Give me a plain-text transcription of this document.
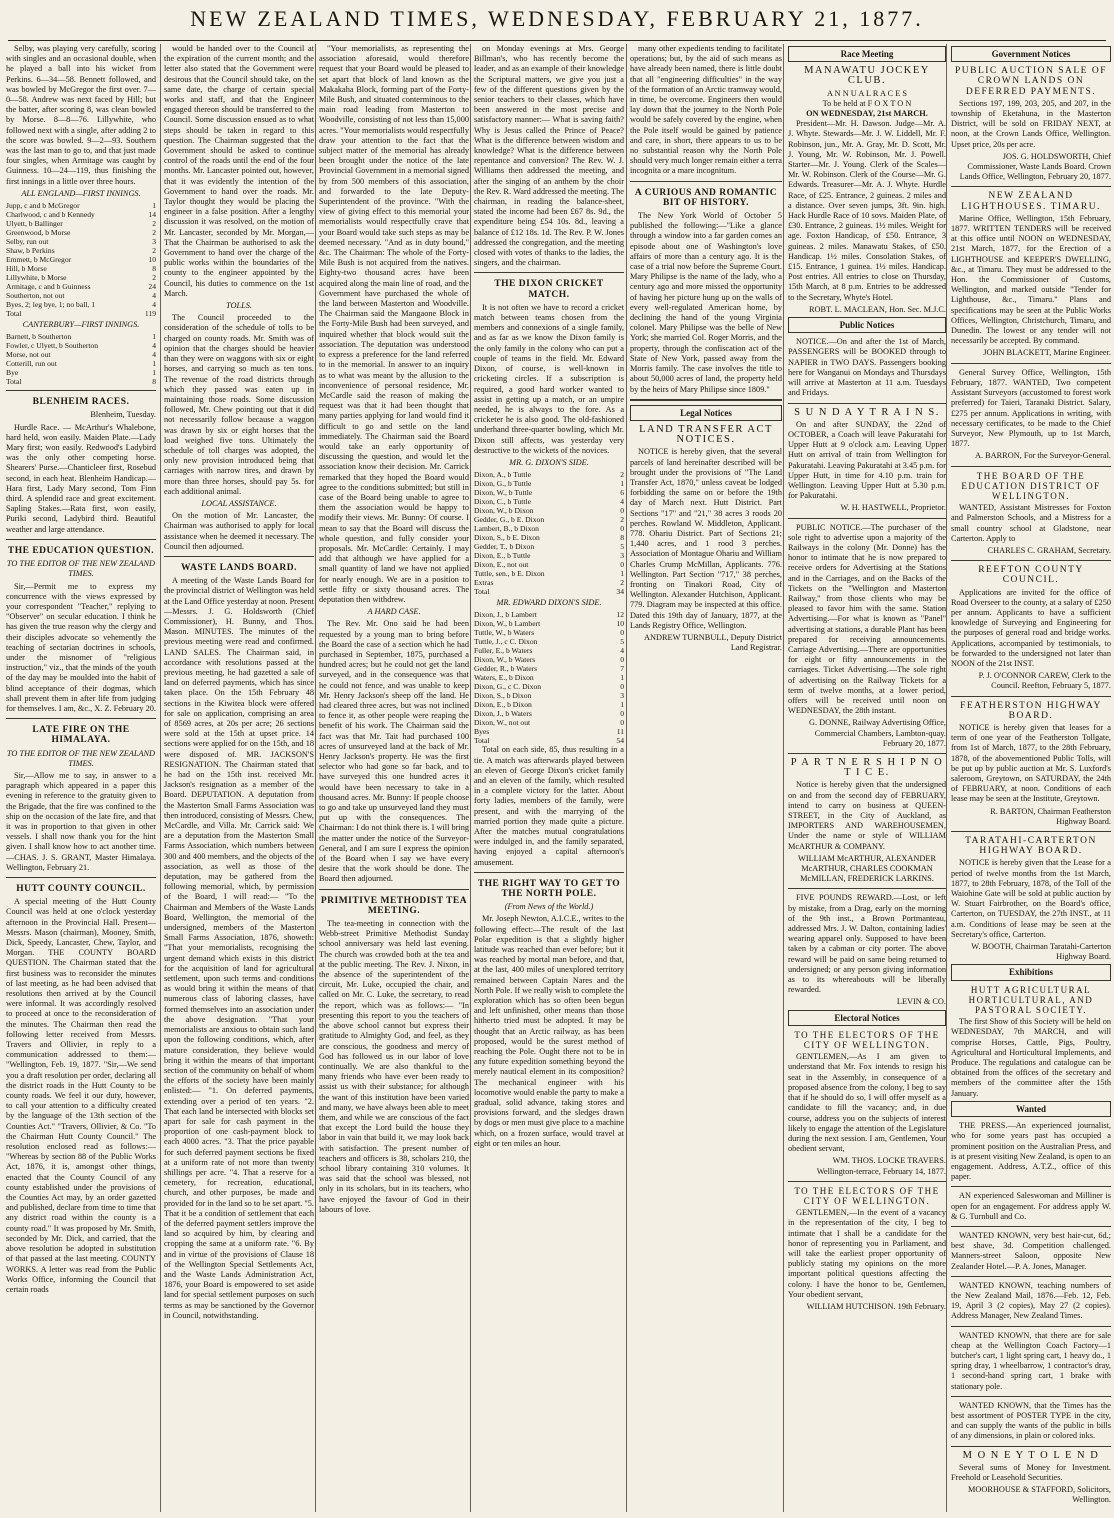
NEW ZEALAND TIMES, WEDNESDAY, FEBRUARY 21, 1877.

Selby, was playing very carefully, scoring with singles and an occasional double, when he played a ball into his wicket from Perkins. 6—34—58. Bennett followed, and was bowled by McGregor the first over. 7—0—58. Andrew was next faced by Hill; but the batter, after scoring 8, was clean bowled by Morse. 8—8—76. Lillywhite, who followed next with a single, after adding 2 to the score was bowled. 9—2—93. Southern was the last man to go to, and that just made four singles, when Armitage was caught by Guinness. 10—24—119, thus finishing the first innings in a little over three hours.

ALL ENGLAND—FIRST INNINGS.
Jupp, c and b McGregor	1
Charlwood, c and b Kennedy	14
Ulyett, b Ballinger	2
Greenwood, b Morse	2
Selby, run out	3
Shaw, b Perkins	2
Emmett, b McGregor	10
Hill, b Morse	8
Lillywhite, b Morse	2
Armitage, c and b Guinness	24
Southerton, not out	4
Byes, 2; leg bye, 1; no ball, 1	4
Total	119
CANTERBURY—FIRST INNINGS.
Barnett, b Southerton	1
Fowler, c Ulyett, b Southerton	4
Morse, not out	4
Cotterill, run out	1
Bye	1
Total	8
BLENHEIM RACES.

Blenheim, Tuesday.

Hurdle Race. — McArthur's Whalebone, hard held, won easily. Maiden Plate.—Lady Mary first; won easily. Redwood's Ladybird was the only other competing horse. Shearers' Purse.—Chanticleer first, Rosebud second, in each heat. Blenheim Handicap.—Hara first, Lady Mary second, Tom Finn third. A splendid race and great excitement. Sapling Stakes.—Rata first, won easily, Puriki second, Ladybird third. Beautiful weather and large attendance.

THE EDUCATION QUESTION.
TO THE EDITOR OF THE NEW ZEALAND TIMES.

Sir,—Permit me to express my concurrence with the views expressed by your correspondent "Teacher," replying to "Observer" on secular education. I think he has given the true reason why the clergy and their disciples advocate so vehemently the teaching of sectarian doctrines in schools, under the misnomer of "religious instruction," viz., that the minds of the youth of the day may be moulded into the habit of blind acceptance of their dogmas, which shall prevent them in after life from judging for themselves. I am, &c., X. Z. February 20.

LATE FIRE ON THE HIMALAYA.
TO THE EDITOR OF THE NEW ZEALAND TIMES.

Sir,—Allow me to say, in answer to a paragraph which appeared in a paper this evening in reference to the gratuity given to the Brigade, that the fire was confined to the ship on the occasion of the late fire, and that it was in proportion to that given in other vessels. I shall now thank you for the hint given. I shall know how to act another time.—CHAS. J. S. GRANT, Master Himalaya. Wellington, February 21.

HUTT COUNTY COUNCIL.

A special meeting of the Hutt County Council was held at one o'clock yesterday afternoon in the Provincial Hall. Present—Messrs. Mason (chairman), Mooney, Smith, Dick, Speedy, Lancaster, Chew, Taylor, and Morgan. THE COUNTY BOARD QUESTION. The Chairman stated that the first business was to reconsider the minutes of last meeting, as he had been advised that resolutions then arrived at by the Council were informal. It was accordingly resolved to proceed at once to the reconsideration of the minutes. The Chairman then read the following letter received from Messrs. Travers and Ollivier, in reply to a communication addressed to them:— "Wellington, Feb. 19, 1877. "Sir,—We send you a draft resolution per order, declaring all the district roads in the Hutt County to be county roads. We feel it our duty, however, to call your attention to a difficulty created by the language of the 13th section of the Counties Act." "Travers, Ollivier, & Co. "To the Chairman Hutt County Council." The resolution enclosed read as follows:— "Whereas by section 88 of the Public Works Act, 1876, it is, amongst other things, enacted that the County Council of any county established under the provisions of the Counties Act may, by an order gazetted and published, declare from time to time that any district road within the county is a county road." It was proposed by Mr. Smith, seconded by Mr. Dick, and carried, that the above resolution be adopted in substitution of that passed at the last meeting. COUNTY WORKS. A letter was read from the Public Works Office, informing the Council that certain roads

would be handed over to the Council at the expiration of the current month; and the letter also stated that the Government were desirous that the Council should take, on the same date, the charge of certain special works and staff, and that the Engineer engaged thereon should be transferred to the Council. Some discussion ensued as to what steps should be taken in regard to this question. The Chairman suggested that the Government should be asked to continue control of the roads until the end of the four months. Mr. Lancaster pointed out, however, that it was evidently the intention of the Government to hand over the roads. Mr. Taylor thought they would be placing the engineer in a false position. After a lengthy discussion it was resolved, on the motion of Mr. Lancaster, seconded by Mr. Morgan,—That the Chairman be authorised to ask the Government to hand over the charge of the public works within the boundaries of the county to the engineer appointed by the Council, his duties to commence on the 1st March.

TOLLS.

The Council proceeded to the consideration of the schedule of tolls to be charged on county roads. Mr. Smith was of opinion that the charges should be heavier than they were on waggons with six or eight horses, and carrying so much as ten tons. The revenue of the road districts through which they passed was eaten up in maintaining those roads. Some discussion followed, Mr. Chew pointing out that it did not necessarily follow because a waggon was drawn by six or eight horses that the load weighed five tons. Ultimately the schedule of toll charges was adopted, the only new provision introduced being that carriages with narrow tires, and drawn by more than three horses, should pay 5s. for each additional animal.

LOCAL ASSISTANCE.

On the motion of Mr. Lancaster, the Chairman was authorised to apply for local assistance when he deemed it necessary. The Council then adjourned.

WASTE LANDS BOARD.

A meeting of the Waste Lands Board for the provincial district of Wellington was held at the Land Office yesterday at noon. Present—Messrs. J. G. Holdsworth (Chief Commissioner), H. Bunny, and Thos. Mason. MINUTES. The minutes of the previous meeting were read and confirmed. LAND SALES. The Chairman said, in accordance with resolutions passed at the previous meeting, he had gazetted a sale of land on deferred payments, which has since taken place. On the 15th February 48 sections in the Kiwitea block were offered for sale on application, comprising an area of 8569 acres, at 20s per acre; 26 sections were sold at the 15th at upset price. 14 sections were applied for on the 15th, and 18 were disposed of. MR. JACKSON'S RESIGNATION. The Chairman stated that he had on the 15th inst. received Mr. Jackson's resignation as a member of the Board. DEPUTATION. A deputation from the Masterton Small Farms Association was then introduced, consisting of Messrs. Chew, McCardle, and Villa. Mr. Carrick said: We are a deputation from the Masterton Small Farms Association, which numbers between 300 and 400 members, and the objects of the association, as well as those of the deputation, may be gathered from the following memorial, which, by permission of the Board, I will read:— "To the Chairman and Members of the Waste Lands Board, Wellington, the memorial of the undersigned, members of the Masterton Small Farms Association, 1876, showeth: "That your memorialists, recognising the urgent demand which exists in this district for the acquisition of land for agricultural settlement, upon such terms and conditions as would bring it within the means of that numerous class of laboring classes, have formed themselves into an association under the above designation. "That your memorialists are anxious to obtain such land upon the following conditions, which, after mature consideration, they believe would bring it within the means of that important section of the community on behalf of whom the efforts of the society have been mainly enlisted:— "1. On deferred payments, extending over a period of ten years. "2. That each land be intersected with blocks set apart for sale for cash payment in the proportion of one cash-payment block to each 4000 acres. "3. That the price payable for such deferred payment sections be fixed at a uniform rate of not more than twenty shillings per acre. "4. That a reserve for a cemetery, for recreation, educational, church, and other purposes, be made and provided for in the land so to be set apart. "5. That it be a condition of settlement that each of the deferred payment settlers improve the land so acquired by him, by clearing and cropping the same at a uniform rate. "6. By and in virtue of the provisions of Clause 18 of the Wellington Special Settlements Act, and the Waste Lands Administration Act, 1876, your Board is empowered to set aside land for special settlement purposes on such terms as may be sanctioned by the Governor in Council, notwithstanding.

"Your memorialists, as representing the association aforesaid, would therefore request that your Board would be pleased to set apart that block of land known as the Makakaha Block, forming part of the Forty-Mile Bush, and situated conterminous to the main road leading from Masterton to Woodville, consisting of not less than 15,000 acres. "Your memorialists would respectfully draw your attention to the fact that the subject matter of the memorial has already been brought under the notice of the late Provincial Government in a memorial signed by from 500 members of this association, and forwarded to the late Deputy-Superintendent of the province. "With the view of giving effect to this memorial your memorialists would respectfully crave that your Board would take such steps as may be deemed necessary. "And as in duty bound," &c. The Chairman: The whole of the Forty-Mile Bush is not acquired from the natives. Eighty-two thousand acres have been acquired along the main line of road, and the Government have purchased the whole of the land between Masterton and Woodville. The Chairman said the Mangaone Block in the Forty-Mile Bush had been surveyed, and inquired whether that block would suit the association. The deputation was understood to express a preference for the land referred to in the memorial. In answer to an inquiry as to what was meant by the allusion to the inconvenience of personal residence, Mr. McCardle said the reason of making the request was that it had been thought that many parties applying for land would find it difficult to go and settle on the land immediately. The Chairman said the Board would take an early opportunity of discussing the question, and would let the association know their decision. Mr. Carrick remarked that they hoped the Board would agree to the conditions submitted; but still in case of the Board being unable to agree to them the association would be happy to modify their views. Mr. Bunny: Of course. I mean to say that the Board will discuss the whole question, and fully consider your proposals. Mr. McCardle: Certainly. I may add that although we have applied for a small quantity of land we have not applied for nearly enough. We are in a position to settle fifty or sixty thousand acres. The deputation then withdrew.

A HARD CASE.

The Rev. Mr. Ono said he had been requested by a young man to bring before the Board the case of a section which he had purchased in September, 1875, purchased a hundred acres; but he could not get the land surveyed, and in the consequence was that he could not fence, and was unable to keep Mr. Henry Jackson's sheep off the land. He had cleared three acres, but was not inclined to fence it, as other people were reaping the benefit of his work. The Chairman said the fact was that Mr. Tait had purchased 100 acres of unsurveyed land at the back of Mr. Henry Jackson's property. He was the first selector who had gone so far back, and to have surveyed this one hundred acres it would have been necessary to take in a thousand acres. Mr. Bunny: If people choose to go and take up unsurveyed land they must put up with the consequences. The Chairman: I do not think there is. I will bring the matter under the notice of the Surveyor-General, and I am sure I express the opinion of the Board when I say we have every desire that the work should be done. The Board then adjourned.

PRIMITIVE METHODIST TEA MEETING.

The tea-meeting in connection with the Webb-street Primitive Methodist Sunday school anniversary was held last evening. The church was crowded both at the tea and at the public meeting. The Rev. J. Nixon, in the absence of the superintendent of the circuit, Mr. Luke, occupied the chair, and called on Mr. C. Luke, the secretary, to read the report, which was as follows:— "In presenting this report to you the teachers of the above school cannot but express their gratitude to Almighty God, and feel, as they are conscious, the goodness and mercy of God has followed us in our labor of love continually. We are also thankful to the many friends who have ever been ready to assist us with their substance; for although the want of this institution have been varied and many, we have always been able to meet them, and while we are conscious of the fact that except the Lord build the house they labor in vain that build it, we may look back with satisfaction. The present number of teachers and officers is 38, scholars 210, the school library containing 310 volumes. It was said that the school was blessed, not only in its scholars, but in its teachers, who have enjoyed the favour of God in their labours of love.

on Monday evenings at Mrs. George Billman's, who has recently become the leader, and as an example of their knowledge the Scriptural matters, we give you just a few of the different questions given by the senior teachers to their classes, which have been answered in the most precise and satisfactory manner:— What is saving faith? Why is Jesus called the Prince of Peace? What is the difference between wisdom and knowledge? What is the difference between repentance and conversion? The Rev. W. J. Williams then addressed the meeting, and after the singing of an anthem by the choir the Rev. R. Ward addressed the meeting. The chairman, in reading the balance-sheet, stated the income had been £67 8s. 9d., the expenditure being £54 10s. 8d., leaving a balance of £12 18s. 1d. The Rev. P. W. Jones addressed the congregation, and the meeting closed with votes of thanks to the ladies, the singers, and the chairman.

THE DIXON CRICKET MATCH.

It is not often we have to record a cricket match between teams chosen from the members and connexions of a single family, and as far as we know the Dixon family is the only family in the colony who can put a couple of teams in the field. Mr. Edward Dixon, of course, is well-known in cricketing circles. If a subscription is required, a good hard worker wanted to assist in getting up a match, or an umpire needed, he is always to the fore. As a cricketer he is also good. The old-fashioned underhand three-quarter bowling, which Mr. Dixon still affects, was yesterday very destructive to the wickets of the novices.

MR. G. DIXON'S SIDE.
Dixon, A., b Tuttle	2
Dixon, G., b Tuttle	1
Dixon, W., b Tuttle	6
Dixon, C., b Tuttle	4
Dixon, W., b Dixon	0
Gedder, G., b E. Dixon	2
Lambert, B., b Dixon	0
Dixon, S., b E. Dixon	8
Gedder, T., b Dixon	5
Dixon, E., b Tuttle	3
Dixon, E., not out	0
Tuttle, sen., b E. Dixon	1
Extras	2
Total	34
MR. EDWARD DIXON'S SIDE.
Dixon, J., b Lambert	12
Dixon, W., b Lambert	10
Tuttle, W., b Waters	0
Tuttle, J., c C. Dixon	5
Fuller, E., b Waters	4
Dixon, W., b Waters	0
Gedder, R., b Waters	7
Waters, E., b Dixon	1
Dixon, G., c C. Dixon	0
Dixon, S., b Dixon	3
Dixon, E., b Dixon	1
Dixon, J., b Waters	0
Dixon, W., not out	0
Byes	11
Total	54

Total on each side, 85, thus resulting in a tie. A match was afterwards played between an eleven of George Dixon's cricket family and an eleven of the family, which resulted in a complete victory for the latter. About forty ladies, members of the family, were present, and with the marrying of the married portion they made quite a picture. After the matches mutual congratulations were indulged in, and the family separated, having enjoyed a capital afternoon's amusement.

THE RIGHT WAY TO GET TO THE NORTH POLE.
(From News of the World.)

Mr. Joseph Newton, A.I.C.E., writes to the following effect:—The result of the last Polar expedition is that a slightly higher latitude was reached than ever before; but it was reached by mortal man before, and that, at the last, 400 miles of unexplored territory remained between Captain Nares and the North Pole. If we really wish to complete the exploration which has so often been begun and left unfinished, other means than those hitherto tried must be adopted. It may be thought that an Arctic railway, as has been proposed, would be the surest method of reaching the Pole. Ought there not to be in any future expedition something beyond the merely nautical element in its composition? The mechanical engineer with his locomotive would enable the party to make a gradual, solid advance, taking stores and provisions forward, and the sledges drawn by dogs or men must give place to a machine which, on a frozen surface, would travel at eight or ten miles an hour.

many other expedients tending to facilitate operations; but, by the aid of such means as have already been named, there is little doubt that all "engineering difficulties" in the way of the formation of an Arctic tramway would, in time, be overcome. Engineers then would lay down that the journey to the North Pole would be safely covered by the engine, when the Pole itself would be gained by patience and care, in short, there appears to us to be no substantial reason why the North Pole should very much longer remain either a terra incognita or a mare incognitum.

A CURIOUS AND ROMANTIC BIT OF HISTORY.

The New York World of October 5 published the following:—"Like a glance through a window into a far garden comes an episode about one of Washington's love affairs of more than a century ago. It is the case of a trial now before the Supreme Court. Mary Philipse is the name of the lady, who a century ago and more missed the opportunity of having her picture hung up on the walls of every well-regulated American home, by declining the hand of the young Virginia colonel. Mary Philipse was the belle of New York; she married Col. Roger Morris, and the property, through the confiscation act of the State of New York, passed away from the Morris family. The case involves the title to about 50,000 acres of land, the property held by the heirs of Mary Philipse since 1809."

Legal Notices
LAND TRANSFER ACT NOTICES.

NOTICE is hereby given, that the several parcels of land hereinafter described will be brought under the provisions of "The Land Transfer Act, 1870," unless caveat be lodged forbidding the same on or before the 19th day of March next. Hutt District. Part Sections "17" and "21," 38 acres 3 roods 20 perches. Rowland W. Middleton, Applicant. 778. Ohariu District. Part of Sections 21; 1,440 acres, and 1 rood 3 perches. Association of Montague Ohariu and William Charles Crump McMillan, Applicants. 776. Wellington. Part Section "717," 38 perches, fronting on Tinakori Road, City of Wellington. Alexander Hutchison, Applicant. 779. Diagram may be inspected at this office. Dated this 19th day of January, 1877, at the Lands Registry Office, Wellington.

ANDREW TURNBULL, Deputy District Land Registrar.

Race Meeting
MANAWATU JOCKEY CLUB.
A N N U A L R A C E S
To be held at F O X T O N
ON WEDNESDAY, 21st MARCH.

President—Mr. H. Dawson. Judge—Mr. A. J. Whyte. Stewards—Mr. J. W. Liddell, Mr. F. Robinson, jun., Mr. A. Gray, Mr. D. Scott, Mr. J. Young, Mr. W. Robinson, Mr. J. Powell. Starter—Mr. J. Young. Clerk of the Scales—Mr. W. Robinson. Clerk of the Course—Mr. G. Edwards. Treasurer—Mr. A. J. Whyte. Hurdle Race, of £25. Entrance, 2 guineas. 2 miles and a distance. Over seven jumps, 3ft. 9in. high. Hack Hurdle Race of 10 sovs. Maiden Plate, of £30. Entrance, 2 guineas. 1½ miles. Weight for age. Foxton Handicap, of £50. Entrance, 3 guineas. 2 miles. Manawatu Stakes, of £50. Handicap. 1½ miles. Consolation Stakes, of £15. Entrance, 1 guinea. 1½ miles. Handicap. Post entries. All entries to close on Thursday, 15th March, at 8 p.m. Entries to be addressed to the Secretary, Whyte's Hotel.

ROBT. L. MACLEAN, Hon. Sec. M.J.C.

Public Notices

NOTICE.—On and after the 1st of March, PASSENGERS will be BOOKED through to NAPIER in TWO DAYS. Passengers booking here for Wanganui on Mondays and Thursdays will arrive at Masterton at 11 a.m. Tuesdays and Fridays.

S U N D A Y T R A I N S.

On and after SUNDAY, the 22nd of OCTOBER, a Coach will leave Pakuratahi for Upper Hutt at 9 o'clock a.m. Leaving Upper Hutt on arrival of train from Wellington for Pakuratahi. Leaving Pakuratahi at 3.45 p.m. for Upper Hutt, in time for 4.10 p.m. train for Wellington. Leaving Upper Hutt at 5.30 p.m. for Pakuratahi.

W. H. HASTWELL, Proprietor.

PUBLIC NOTICE.—The purchaser of the sole right to advertise upon a majority of the Railways in the colony (Mr. Donne) has the honor to intimate that he is now prepared to receive orders for Advertising at the Stations and in the Carriages, and on the Backs of the Tickets on the "Wellington and Masterton Railway," from those clients who may be pleased to favor him with the same. Station Advertising.—For what is known as "Panel" advertising at stations, a durable Plant has been prepared for receiving announcements. Carriage Advertising.—There are opportunities for eight or fifty announcements in the carriages. Ticket Advertising.—The sole right of advertising on the Railway Tickets for a term of twelve months, at a lower period, offers will be received until noon on WEDNESDAY, the 28th instant.

G. DONNE, Railway Advertising Office, Commercial Chambers, Lambton-quay. February 20, 1877.

P A R T N E R S H I P N O T I C E.

Notice is hereby given that the undersigned on and from the second day of FEBRUARY, intend to carry on business at QUEEN-STREET, in the City of Auckland, as IMPORTERS AND WAREHOUSEMEN, Under the name or style of WILLIAM McARTHUR & COMPANY.

WILLIAM McARTHUR, ALEXANDER McARTHUR, CHARLES COOKMAN McMILLAN, FREDERICK LARKINS.

FIVE POUNDS REWARD.—Lost, or left by mistake, from a Drag, early on the morning of the 9th inst., a Brown Portmanteau, addressed Mrs. J. W. Dalton, containing ladies' wearing apparel only. Supposed to have been taken by a cabman or city porter. The above reward will be paid on same being returned to undersigned; or any person giving information as to its whereabouts will be liberally rewarded.

LEVIN & CO.

Electoral Notices
TO THE ELECTORS OF THE CITY OF WELLINGTON.

GENTLEMEN,—As I am given to understand that Mr. Fox intends to resign his seat in the Assembly, in consequence of a proposed absence from the colony, I beg to say that if he should do so, I will offer myself as a candidate to fill the vacancy; and, in due course, address you on the subjects of interest likely to engage the attention of the Legislature during the next session. I am, Gentlemen, Your obedient servant,

WM. THOS. LOCKE TRAVERS. Wellington-terrace, February 14, 1877.

TO THE ELECTORS OF THE CITY OF WELLINGTON.

GENTLEMEN,—In the event of a vacancy in the representation of the city, I beg to intimate that I shall be a candidate for the honor of representing you in Parliament, and will take the earliest proper opportunity of publicly stating my opinions on the more important political questions affecting the colony. I have the honor to be, Gentlemen, Your obedient servant,

WILLIAM HUTCHISON. 19th February.

Government Notices
PUBLIC AUCTION SALE OF CROWN LANDS ON DEFERRED PAYMENTS.

Sections 197, 199, 203, 205, and 207, in the township of Eketahuna, in the Masterton District, will be sold on FRIDAY NEXT, at noon, at the Crown Lands Office, Wellington. Upset price, 20s per acre.

JOS. G. HOLDSWORTH, Chief Commissioner, Waste Lands Board. Crown Lands Office, Wellington, February 20, 1877.

NEW ZEALAND LIGHTHOUSES. TIMARU.

Marine Office, Wellington, 15th February, 1877. WRITTEN TENDERS will be received at this office until NOON on WEDNESDAY, 21st March, 1877, for the Erection of a LIGHTHOUSE and KEEPER'S DWELLING, &c., at Timaru. They must be addressed to the Hon. the Commissioner of Customs, Wellington, and marked outside "Tender for Lighthouse, &c., Timaru." Plans and specifications may be seen at the Public Works Offices, Wellington, Christchurch, Timaru, and Dunedin. The lowest or any tender will not necessarily be accepted. By command.

JOHN BLACKETT, Marine Engineer.

General Survey Office, Wellington, 15th February, 1877. WANTED, Two competent Assistant Surveyors (accustomed to forest work preferred) for Taieri, Taranaki District. Salary, £275 per annum. Applications in writing, with necessary certificates, to be made to the Chief Surveyor, New Plymouth, up to 1st March, 1877.

A. BARRON, For the Surveyor-General.

THE BOARD OF THE EDUCATION DISTRICT OF WELLINGTON.

WANTED, Assistant Mistresses for Foxton and Palmerston Schools, and a Mistress for a small country school at Gladstone, near Carterton. Apply to

CHARLES C. GRAHAM, Secretary.

REEFTON COUNTY COUNCIL.

Applications are invited for the office of Road Overseer to the county, at a salary of £250 per annum. Applicants to have a sufficient knowledge of Surveying and Engineering for the purposes of general road and bridge works. Applications, accompanied by testimonials, to be forwarded to the undersigned not later than NOON of the 21st INST.

P. J. O'CONNOR CAREW, Clerk to the Council. Reefton, February 5, 1877.

FEATHERSTON HIGHWAY BOARD.

NOTICE is hereby given that leases for a term of one year of the Featherston Tollgate, from 1st of March, 1877, to the 28th February, 1878, of the abovementioned Public Tolls, will be put up by public auction at Mr. S. Luxford's saleroom, Greytown, on SATURDAY, the 24th of FEBRUARY, at noon. Conditions of each lease may be seen at the Institute, Greytown.

R. BARTON, Chairman Featherston Highway Board.

TARATAHI-CARTERTON HIGHWAY BOARD.

NOTICE is hereby given that the Lease for a period of twelve months from the 1st March, 1877, to 28th February, 1878, of the Toll of the Waiohine Gate will be sold at public auction by W. Stuart Fairbrother, on the Board's office, Carterton, on TUESDAY, the 27th INST., at 11 a.m. Conditions of lease may be seen at the Secretary's office, Carterton.

W. BOOTH, Chairman Taratahi-Carterton Highway Board.

Exhibitions
HUTT AGRICULTURAL HORTICULTURAL, AND PASTORAL SOCIETY.

The first Show of this Society will be held on WEDNESDAY, 7th MARCH, and will comprise Horses, Cattle, Pigs, Poultry, Agricultural and Horticultural Implements, and Produce. The regulations and catalogue can be obtained from the offices of the secretary and members of the committee after the 15th January.

Wanted

THE PRESS.—An experienced journalist, who for some years past has occupied a prominent position on the Australian Press, and is at present visiting New Zealand, is open to an engagement. Address, A.T.Z., office of this paper.

AN experienced Saleswoman and Milliner is open for an engagement. For address apply W. & G. Turnbull and Co.

WANTED KNOWN, very best hair-cut, 6d.; best shave, 3d. Competition challenged. Manners-street Saloon, opposite New Zealander Hotel.—P. A. Jones, Manager.

WANTED KNOWN, teaching numbers of the New Zealand Mail, 1876.—Feb. 12, Feb. 19, April 3 (2 copies), May 27 (2 copies). Address Manager, New Zealand Times.

WANTED KNOWN, that there are for sale cheap at the Wellington Coach Factory—1 butcher's cart, 1 light spring cart, 1 heavy do., 1 spring dray, 1 wheelbarrow, 1 contractor's dray, 1 second-hand spring cart, 1 brake with stationary pole.

WANTED KNOWN, that the Times has the best assortment of POSTER TYPE in the city, and can supply the wants of the public in bills of any dimensions, in plain or colored inks.

M O N E Y T O L E N D

Several sums of Money for Investment. Freehold or Leasehold Securities.

MOORHOUSE & STAFFORD, Solicitors, Wellington.
